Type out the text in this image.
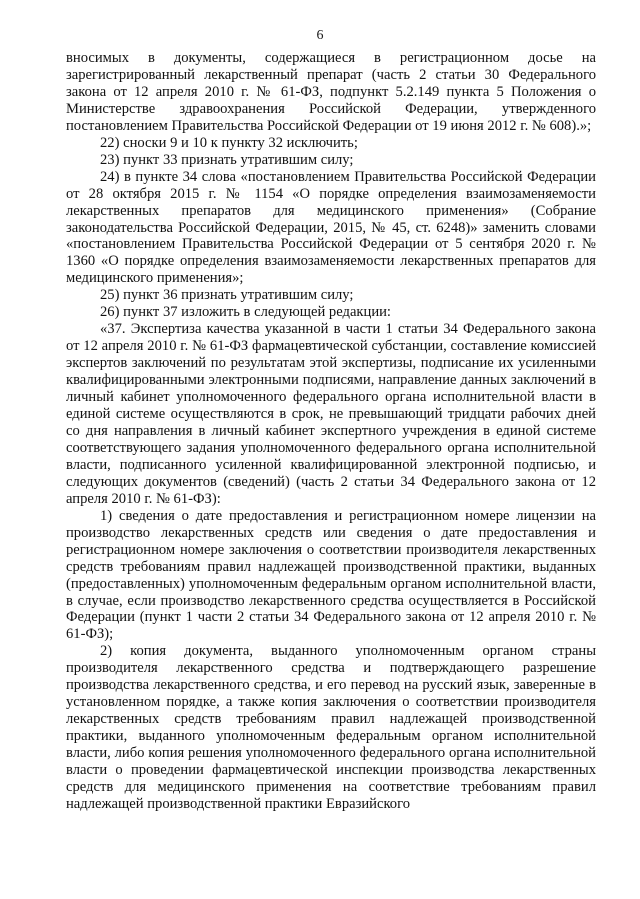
6

вносимых в документы, содержащиеся в регистрационном досье на зарегистрированный лекарственный препарат (часть 2 статьи 30 Федерального закона от 12 апреля 2010 г. № 61-ФЗ, подпункт 5.2.149 пункта 5 Положения о Министерстве здравоохранения Российской Федерации, утвержденного постановлением Правительства Российской Федерации от 19 июня 2012 г. № 608).»;

22) сноски 9 и 10 к пункту 32 исключить;

23) пункт 33 признать утратившим силу;

24) в пункте 34 слова «постановлением Правительства Российской Федерации от 28 октября 2015 г. № 1154 «О порядке определения взаимозаменяемости лекарственных препаратов для медицинского применения» (Собрание законодательства Российской Федерации, 2015, № 45, ст. 6248)» заменить словами «постановлением Правительства Российской Федерации от 5 сентября 2020 г. № 1360 «О порядке определения взаимозаменяемости лекарственных препаратов для медицинского применения»;

25) пункт 36 признать утратившим силу;

26) пункт 37 изложить в следующей редакции:

«37. Экспертиза качества указанной в части 1 статьи 34 Федерального закона от 12 апреля 2010 г. № 61-ФЗ фармацевтической субстанции, составление комиссией экспертов заключений по результатам этой экспертизы, подписание их усиленными квалифицированными электронными подписями, направление данных заключений в личный кабинет уполномоченного федерального органа исполнительной власти в единой системе осуществляются в срок, не превышающий тридцати рабочих дней со дня направления в личный кабинет экспертного учреждения в единой системе соответствующего задания уполномоченного федерального органа исполнительной власти, подписанного усиленной квалифицированной электронной подписью, и следующих документов (сведений) (часть 2 статьи 34 Федерального закона от 12 апреля 2010 г. № 61-ФЗ):

1) сведения о дате предоставления и регистрационном номере лицензии на производство лекарственных средств или сведения о дате предоставления и регистрационном номере заключения о соответствии производителя лекарственных средств требованиям правил надлежащей производственной практики, выданных (предоставленных) уполномоченным федеральным органом исполнительной власти, в случае, если производство лекарственного средства осуществляется в Российской Федерации (пункт 1 части 2 статьи 34 Федерального закона от 12 апреля 2010 г. № 61-ФЗ);

2) копия документа, выданного уполномоченным органом страны производителя лекарственного средства и подтверждающего разрешение производства лекарственного средства, и его перевод на русский язык, заверенные в установленном порядке, а также копия заключения о соответствии производителя лекарственных средств требованиям правил надлежащей производственной практики, выданного уполномоченным федеральным органом исполнительной власти, либо копия решения уполномоченного федерального органа исполнительной власти о проведении фармацевтической инспекции производства лекарственных средств для медицинского применения на соответствие требованиям правил надлежащей производственной практики Евразийского
